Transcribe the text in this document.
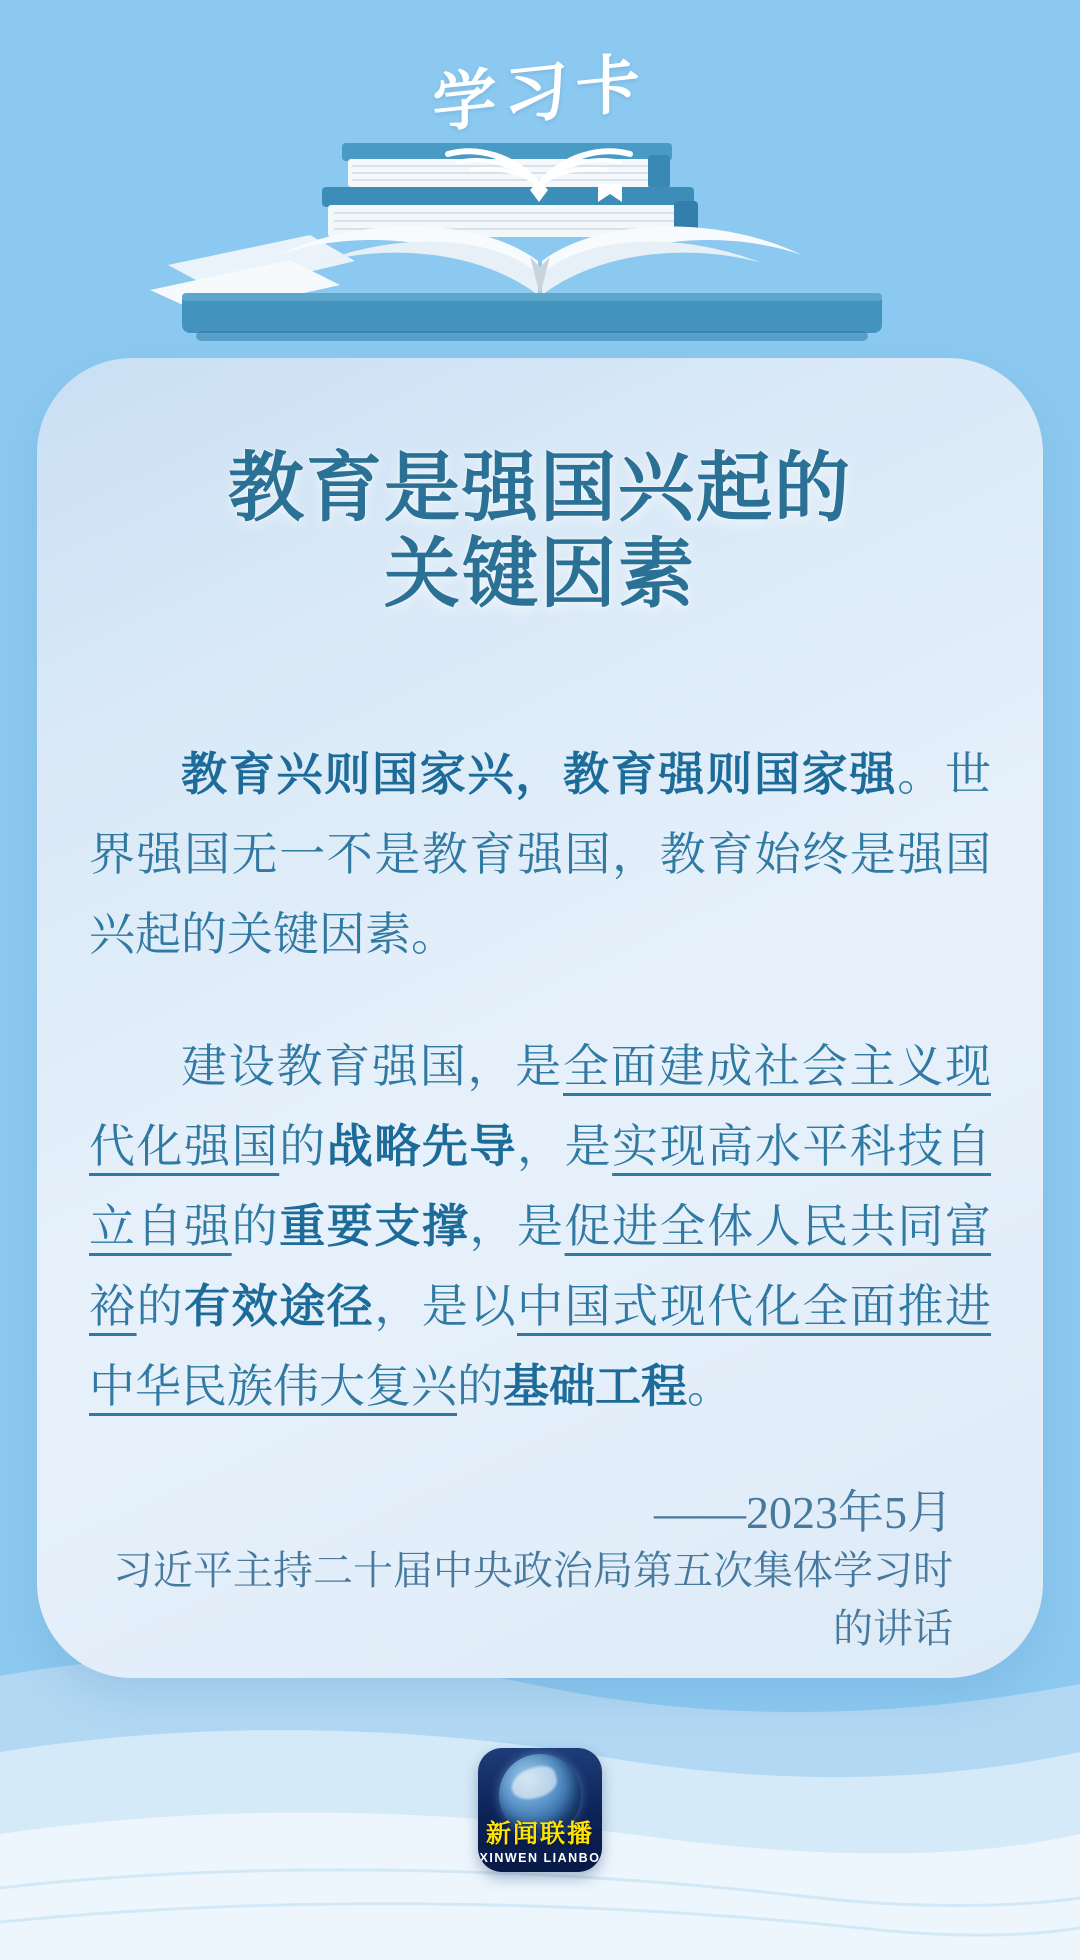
学习卡
教育是强国兴起的
关键因素

教育兴则国家兴，教育强则国家强。世界强国无一不是教育强国，教育始终是强国兴起的关键因素。

建设教育强国，是全面建成社会主义现代化强国的战略先导，是实现高水平科技自立自强的重要支撑，是促进全体人民共同富裕的有效途径，是以中国式现代化全面推进中华民族伟大复兴的基础工程。

——2023年5月
习近平主持二十届中央政治局第五次集体学习时的讲话
新闻联播
XINWEN LIANBO
